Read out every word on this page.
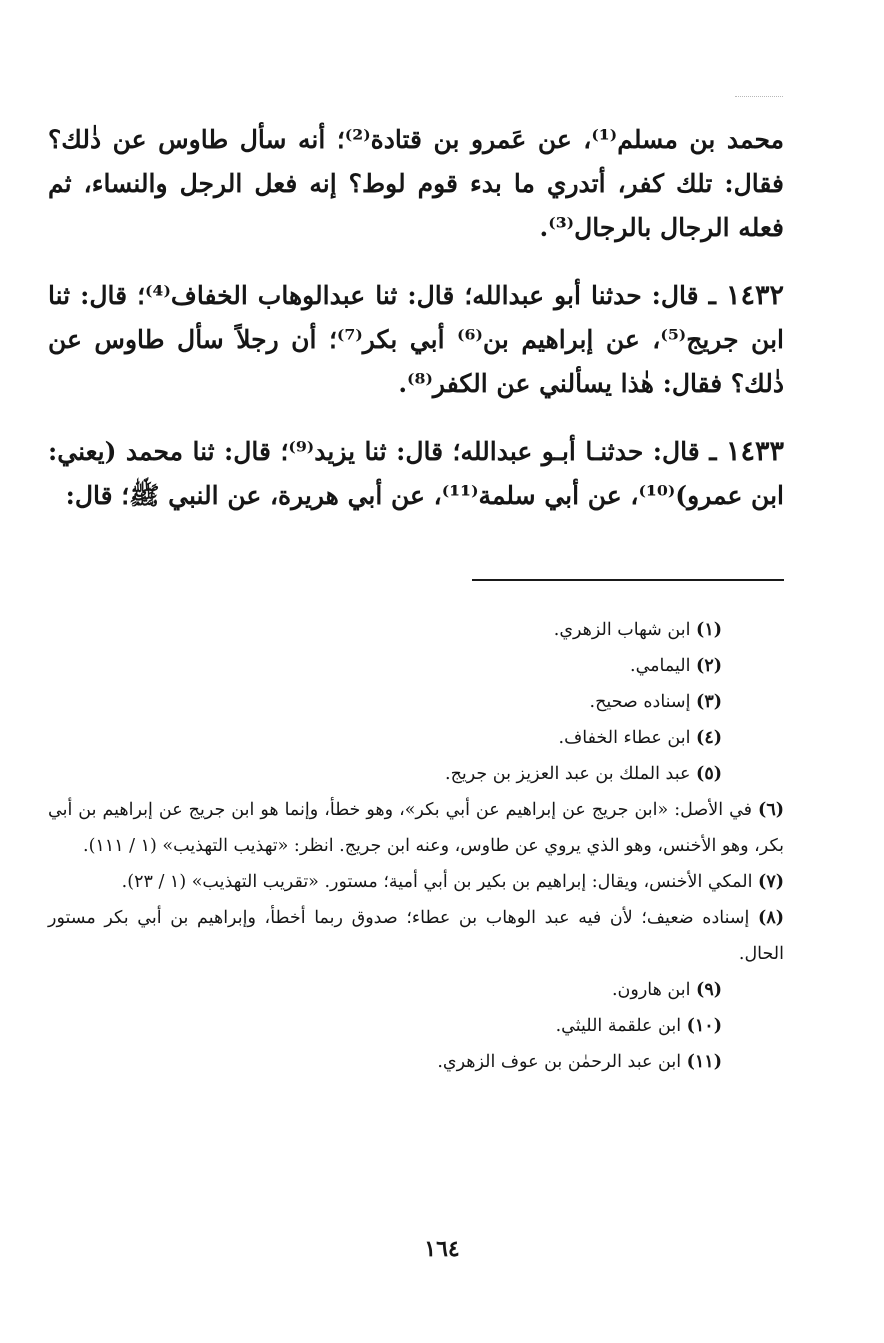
محمد بن مسلم⁽¹⁾، عن عَمرو بن قتادة⁽²⁾؛ أنه سأل طاوس عن ذٰلك؟ فقال: تلك كفر، أتدري ما بدء قوم لوط؟ إنه فعل الرجل والنساء، ثم فعله الرجال بالرجال⁽³⁾.

١٤٣٢ ـ قال: حدثنا أبو عبدالله؛ قال: ثنا عبدالوهاب الخفاف⁽⁴⁾؛ قال: ثنا ابن جريج⁽⁵⁾، عن إبراهيم بن⁽⁶⁾ أبي بكر⁽⁷⁾؛ أن رجلاً سأل طاوس عن ذٰلك؟ فقال: هٰذا يسألني عن الكفر⁽⁸⁾.

١٤٣٣ ـ قال: حدثنـا أبـو عبدالله؛ قال: ثنا يزيد⁽⁹⁾؛ قال: ثنا محمد (يعني: ابن عمرو)⁽¹⁰⁾، عن أبي سلمة⁽¹¹⁾، عن أبي هريرة، عن النبي ﷺ؛ قال:

(١) ابن شهاب الزهري.
(٢) اليمامي.
(٣) إسناده صحيح.
(٤) ابن عطاء الخفاف.
(٥) عبد الملك بن عبد العزيز بن جريج.
(٦) في الأصل: «ابن جريج عن إبراهيم عن أبي بكر»، وهو خطأ، وإنما هو ابن جريج عن إبراهيم بن أبي بكر، وهو الأخنس، وهو الذي يروي عن طاوس، وعنه ابن جريج. انظر: «تهذيب التهذيب» (١ / ١١١).
(٧) المكي الأخنس، ويقال: إبراهيم بن بكير بن أبي أمية؛ مستور. «تقريب التهذيب» (١ / ٢٣).
(٨) إسناده ضعيف؛ لأن فيه عبد الوهاب بن عطاء؛ صدوق ربما أخطأ، وإبراهيم بن أبي بكر مستور الحال.
(٩) ابن هارون.
(١٠) ابن علقمة الليثي.
(١١) ابن عبد الرحمٰن بن عوف الزهري.
١٦٤
